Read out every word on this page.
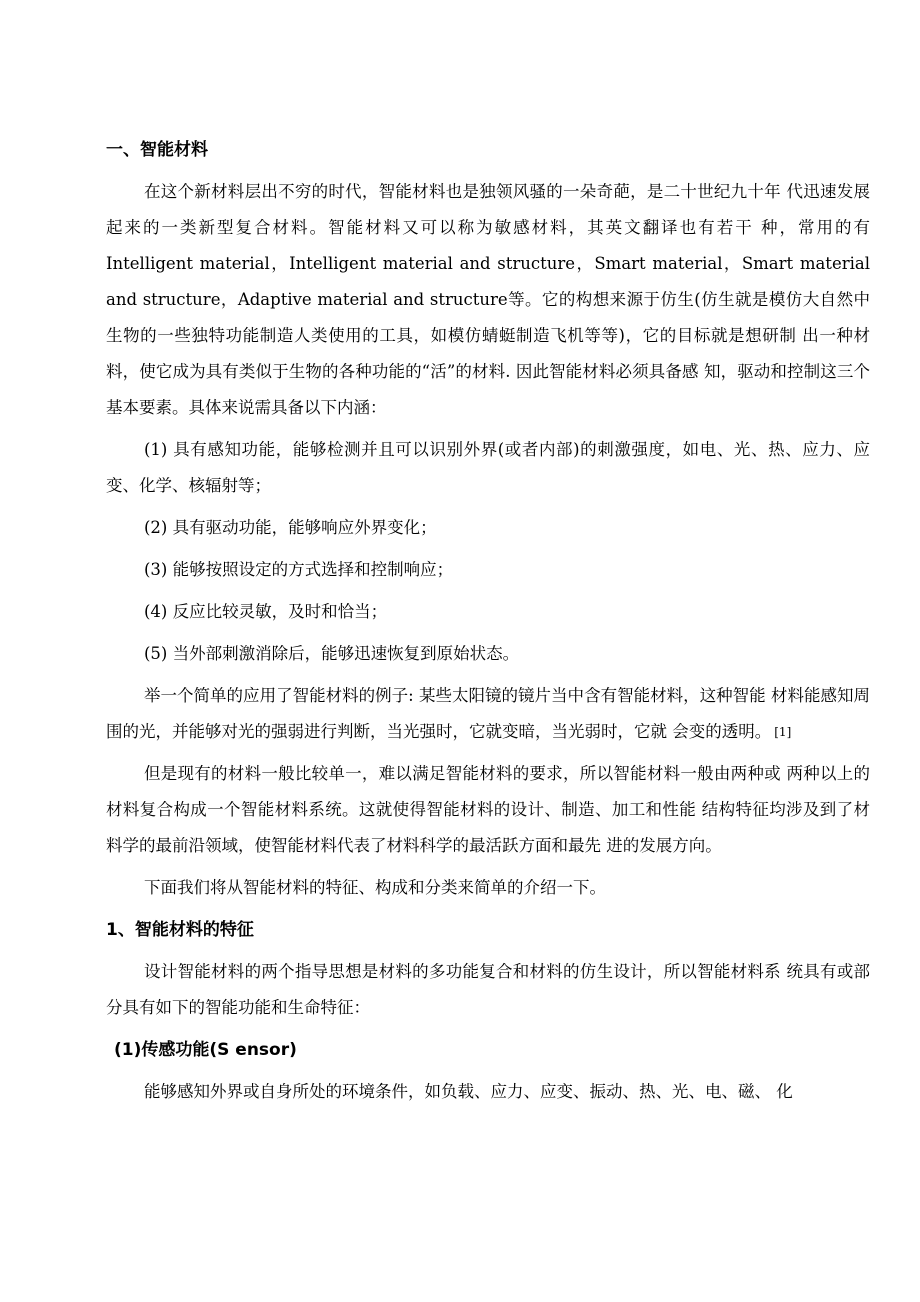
一、智能材料

在这个新材料层出不穷的时代，智能材料也是独领风骚的一朵奇葩，是二十世纪九十年 代迅速发展起来的一类新型复合材料。智能材料又可以称为敏感材料，其英文翻译也有若干 种，常用的有 Intelligent material，Intelligent material and structure，Smart material，Smart material and structure，Adaptive material and structure等。它的构想来源于仿生(仿生就是模仿大自然中 生物的一些独特功能制造人类使用的工具，如模仿蜻蜓制造飞机等等)，它的目标就是想研制 出一种材料，使它成为具有类似于生物的各种功能的“活”的材料. 因此智能材料必须具备感 知，驱动和控制这三个基本要素。具体来说需具备以下内涵：

(1) 具有感知功能，能够检测并且可以识别外界(或者内部)的刺激强度，如电、光、热、应力、应变、化学、核辐射等；

(2) 具有驱动功能，能够响应外界变化；

(3) 能够按照设定的方式选择和控制响应；

(4) 反应比较灵敏，及时和恰当；

(5) 当外部刺激消除后，能够迅速恢复到原始状态。

举一个简单的应用了智能材料的例子: 某些太阳镜的镜片当中含有智能材料，这种智能 材料能感知周围的光，并能够对光的强弱进行判断，当光强时，它就变暗，当光弱时，它就 会变的透明。 [1]

但是现有的材料一般比较单一，难以满足智能材料的要求，所以智能材料一般由两种或 两种以上的材料复合构成一个智能材料系统。这就使得智能材料的设计、制造、加工和性能 结构特征均涉及到了材料学的最前沿领域，使智能材料代表了材料科学的最活跃方面和最先 进的发展方向。

下面我们将从智能材料的特征、构成和分类来简单的介绍一下。

1、智能材料的特征

设计智能材料的两个指导思想是材料的多功能复合和材料的仿生设计，所以智能材料系 统具有或部分具有如下的智能功能和生命特征：

(1)传感功能(S ensor)

能够感知外界或自身所处的环境条件，如负载、应力、应变、振动、热、光、电、磁、 化
